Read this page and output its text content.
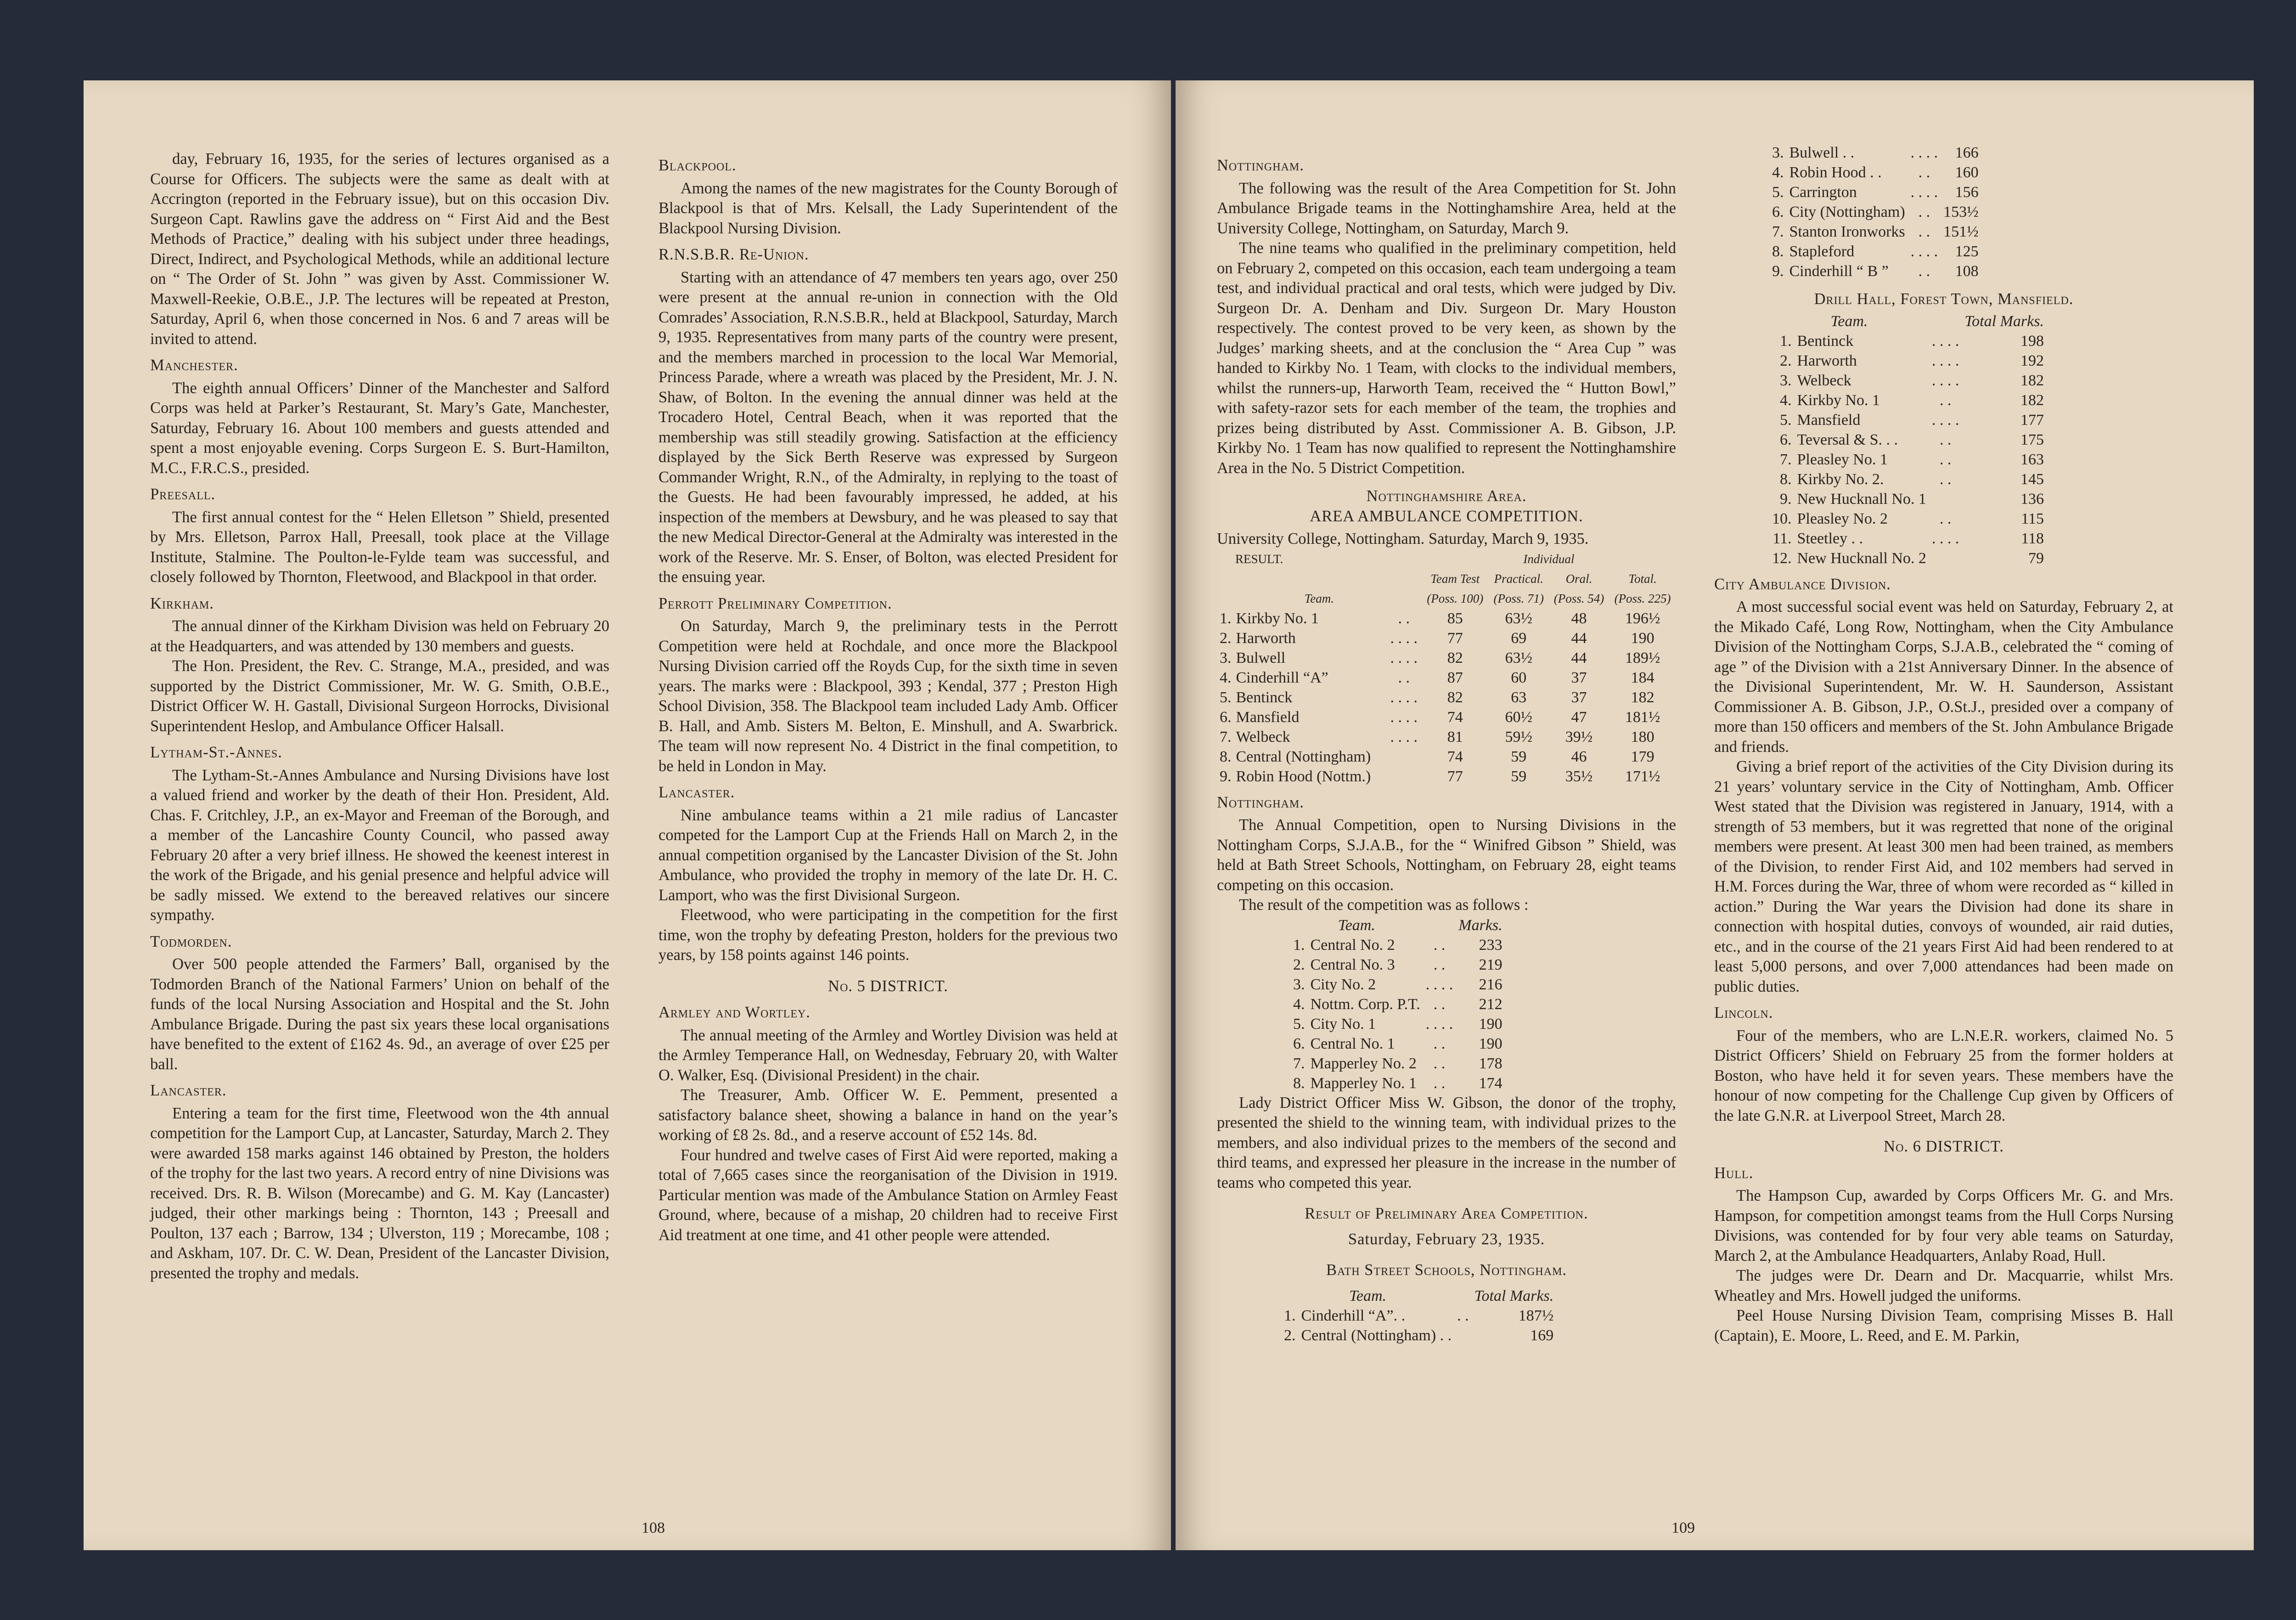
day, February 16, 1935, for the series of lectures organised as a Course for Officers. The subjects were the same as dealt with at Accrington (reported in the February issue), but on this occasion Div. Surgeon Capt. Rawlins gave the address on “ First Aid and the Best Methods of Practice,” dealing with his subject under three headings, Direct, Indirect, and Psychological Methods, while an additional lecture on “ The Order of St. John ” was given by Asst. Commissioner W. Maxwell-Reekie, O.B.E., J.P. The lectures will be repeated at Preston, Saturday, April 6, when those concerned in Nos. 6 and 7 areas will be invited to attend.

Manchester.

The eighth annual Officers’ Dinner of the Manchester and Salford Corps was held at Parker’s Restaurant, St. Mary’s Gate, Manchester, Saturday, February 16. About 100 members and guests attended and spent a most enjoyable evening. Corps Surgeon E. S. Burt-Hamilton, M.C., F.R.C.S., presided.

Preesall.

The first annual contest for the “ Helen Elletson ” Shield, presented by Mrs. Elletson, Parrox Hall, Preesall, took place at the Village Institute, Stalmine. The Poulton-le-Fylde team was successful, and closely followed by Thornton, Fleetwood, and Blackpool in that order.

Kirkham.

The annual dinner of the Kirkham Division was held on February 20 at the Headquarters, and was attended by 130 members and guests.

The Hon. President, the Rev. C. Strange, M.A., presided, and was supported by the District Commissioner, Mr. W. G. Smith, O.B.E., District Officer W. H. Gastall, Divisional Surgeon Horrocks, Divisional Superintendent Heslop, and Ambulance Officer Halsall.

Lytham-St.-Annes.

The Lytham-St.-Annes Ambulance and Nursing Divisions have lost a valued friend and worker by the death of their Hon. President, Ald. Chas. F. Critchley, J.P., an ex-Mayor and Freeman of the Borough, and a member of the Lancashire County Council, who passed away February 20 after a very brief illness. He showed the keenest interest in the work of the Brigade, and his genial presence and helpful advice will be sadly missed. We extend to the bereaved relatives our sincere sympathy.

Todmorden.

Over 500 people attended the Farmers’ Ball, organised by the Todmorden Branch of the National Farmers’ Union on behalf of the funds of the local Nursing Association and Hospital and the St. John Ambulance Brigade. During the past six years these local organisations have benefited to the extent of £162 4s. 9d., an average of over £25 per ball.

Lancaster.

Entering a team for the first time, Fleetwood won the 4th annual competition for the Lamport Cup, at Lancaster, Saturday, March 2. They were awarded 158 marks against 146 obtained by Preston, the holders of the trophy for the last two years. A record entry of nine Divisions was received. Drs. R. B. Wilson (Morecambe) and G. M. Kay (Lancaster) judged, their other markings being : Thornton, 143 ; Preesall and Poulton, 137 each ; Barrow, 134 ; Ulverston, 119 ; Morecambe, 108 ; and Askham, 107. Dr. C. W. Dean, President of the Lancaster Division, presented the trophy and medals.

Blackpool.

Among the names of the new magistrates for the County Borough of Blackpool is that of Mrs. Kelsall, the Lady Superintendent of the Blackpool Nursing Division.

R.N.S.B.R. Re-Union.

Starting with an attendance of 47 members ten years ago, over 250 were present at the annual re-union in connection with the Old Comrades’ Association, R.N.S.B.R., held at Blackpool, Saturday, March 9, 1935. Representatives from many parts of the country were present, and the members marched in procession to the local War Memorial, Princess Parade, where a wreath was placed by the President, Mr. J. N. Shaw, of Bolton. In the evening the annual dinner was held at the Trocadero Hotel, Central Beach, when it was reported that the membership was still steadily growing. Satisfaction at the efficiency displayed by the Sick Berth Reserve was expressed by Surgeon Commander Wright, R.N., of the Admiralty, in replying to the toast of the Guests. He had been favourably impressed, he added, at his inspection of the members at Dewsbury, and he was pleased to say that the new Medical Director-General at the Admiralty was interested in the work of the Reserve. Mr. S. Enser, of Bolton, was elected President for the ensuing year.

Perrott Preliminary Competition.

On Saturday, March 9, the preliminary tests in the Perrott Competition were held at Rochdale, and once more the Blackpool Nursing Division carried off the Royds Cup, for the sixth time in seven years. The marks were : Blackpool, 393 ; Kendal, 377 ; Preston High School Division, 358. The Blackpool team included Lady Amb. Officer B. Hall, and Amb. Sisters M. Belton, E. Minshull, and A. Swarbrick. The team will now represent No. 4 District in the final competition, to be held in London in May.

Lancaster.

Nine ambulance teams within a 21 mile radius of Lancaster competed for the Lamport Cup at the Friends Hall on March 2, in the annual competition organised by the Lancaster Division of the St. John Ambulance, who provided the trophy in memory of the late Dr. H. C. Lamport, who was the first Divisional Surgeon.

Fleetwood, who were participating in the competition for the first time, won the trophy by defeating Preston, holders for the previous two years, by 158 points against 146 points.

No. 5 DISTRICT.
Armley and Wortley.

The annual meeting of the Armley and Wortley Division was held at the Armley Temperance Hall, on Wednesday, February 20, with Walter O. Walker, Esq. (Divisional President) in the chair.

The Treasurer, Amb. Officer W. E. Pemment, presented a satisfactory balance sheet, showing a balance in hand on the year’s working of £8 2s. 8d., and a reserve account of £52 14s. 8d.

Four hundred and twelve cases of First Aid were reported, making a total of 7,665 cases since the reorganisation of the Division in 1919. Particular mention was made of the Ambulance Station on Armley Feast Ground, where, because of a mishap, 20 children had to receive First Aid treatment at one time, and 41 other people were attended.

108
Nottingham.

The following was the result of the Area Competition for St. John Ambulance Brigade teams in the Nottinghamshire Area, held at the University College, Nottingham, on Saturday, March 9.

The nine teams who qualified in the preliminary competition, held on February 2, competed on this occasion, each team undergoing a team test, and individual practical and oral tests, which were judged by Div. Surgeon Dr. A. Denham and Div. Surgeon Dr. Mary Houston respectively. The contest proved to be very keen, as shown by the Judges’ marking sheets, and at the conclusion the “ Area Cup ” was handed to Kirkby No. 1 Team, with clocks to the individual members, whilst the runners-up, Harworth Team, received the “ Hutton Bowl,” with safety-razor sets for each member of the team, the trophies and prizes being distributed by Asst. Commissioner A. B. Gibson, J.P. Kirkby No. 1 Team has now qualified to represent the Nottinghamshire Area in the No. 5 District Competition.

Nottinghamshire Area.
AREA AMBULANCE COMPETITION.
University College, Nottingham. Saturday, March 9, 1935.
RESULT.			Individual		
		Team Test	Practical.	Oral.	Total.
Team.		(Poss. 100)	(Poss. 71)	(Poss. 54)	(Poss. 225)
1. Kirkby No. 1	. .	85	63½	48	196½
2. Harworth	. . . .	77	69	44	190
3. Bulwell	. . . .	82	63½	44	189½
4. Cinderhill “A”	. .	87	60	37	184
5. Bentinck	. . . .	82	63	37	182
6. Mansfield	. . . .	74	60½	47	181½
7. Welbeck	. . . .	81	59½	39½	180
8. Central (Nottingham)		74	59	46	179
9. Robin Hood (Nottm.)		77	59	35½	171½
Nottingham.

The Annual Competition, open to Nursing Divisions in the Nottingham Corps, S.J.A.B., for the “ Winifred Gibson ” Shield, was held at Bath Street Schools, Nottingham, on February 28, eight teams competing on this occasion.

The result of the competition was as follows :

Team.			Marks.
1.	Central No. 2	. .	233
2.	Central No. 3	. .	219
3.	City No. 2	. . . .	216
4.	Nottm. Corp. P.T.	. .	212
5.	City No. 1	. . . .	190
6.	Central No. 1	. .	190
7.	Mapperley No. 2	. .	178
8.	Mapperley No. 1	. .	174

Lady District Officer Miss W. Gibson, the donor of the trophy, presented the shield to the winning team, with individual prizes to the members, and also individual prizes to the members of the second and third teams, and expressed her pleasure in the increase in the number of teams who competed this year.

Result of Preliminary Area Competition.
Saturday, February 23, 1935.
Bath Street Schools, Nottingham.
Team.			Total Marks.
1.	Cinderhill “A”. .	. .	187½
2.	Central (Nottingham) . .		169
3.	Bulwell . .	. . . .	166
4.	Robin Hood . .	. .	160
5.	Carrington	. . . .	156
6.	City (Nottingham)	. .	153½
7.	Stanton Ironworks	. .	151½
8.	Stapleford	. . . .	125
9.	Cinderhill “ B ”	. .	108
Drill Hall, Forest Town, Mansfield.
Team.			Total Marks.
1.	Bentinck	. . . .	198
2.	Harworth	. . . .	192
3.	Welbeck	. . . .	182
4.	Kirkby No. 1	. .	182
5.	Mansfield	. . . .	177
6.	Teversal & S. . .	. .	175
7.	Pleasley No. 1	. .	163
8.	Kirkby No. 2.	. .	145
9.	New Hucknall No. 1		136
10.	Pleasley No. 2	. .	115
11.	Steetley . .	. . . .	118
12.	New Hucknall No. 2		79
City Ambulance Division.

A most successful social event was held on Saturday, February 2, at the Mikado Café, Long Row, Nottingham, when the City Ambulance Division of the Nottingham Corps, S.J.A.B., celebrated the “ coming of age ” of the Division with a 21st Anniversary Dinner. In the absence of the Divisional Superintendent, Mr. W. H. Saunderson, Assistant Commissioner A. B. Gibson, J.P., O.St.J., presided over a company of more than 150 officers and members of the St. John Ambulance Brigade and friends.

Giving a brief report of the activities of the City Division during its 21 years’ voluntary service in the City of Nottingham, Amb. Officer West stated that the Division was registered in January, 1914, with a strength of 53 members, but it was regretted that none of the original members were present. At least 300 men had been trained, as members of the Division, to render First Aid, and 102 members had served in H.M. Forces during the War, three of whom were recorded as “ killed in action.” During the War years the Division had done its share in connection with hospital duties, convoys of wounded, air raid duties, etc., and in the course of the 21 years First Aid had been rendered to at least 5,000 persons, and over 7,000 attendances had been made on public duties.

Lincoln.

Four of the members, who are L.N.E.R. workers, claimed No. 5 District Officers’ Shield on February 25 from the former holders at Boston, who have held it for seven years. These members have the honour of now competing for the Challenge Cup given by Officers of the late G.N.R. at Liverpool Street, March 28.

No. 6 DISTRICT.
Hull.

The Hampson Cup, awarded by Corps Officers Mr. G. and Mrs. Hampson, for competition amongst teams from the Hull Corps Nursing Divisions, was contended for by four very able teams on Saturday, March 2, at the Ambulance Headquarters, Anlaby Road, Hull.

The judges were Dr. Dearn and Dr. Macquarrie, whilst Mrs. Wheatley and Mrs. Howell judged the uniforms.

Peel House Nursing Division Team, comprising Misses B. Hall (Captain), E. Moore, L. Reed, and E. M. Parkin,

109
